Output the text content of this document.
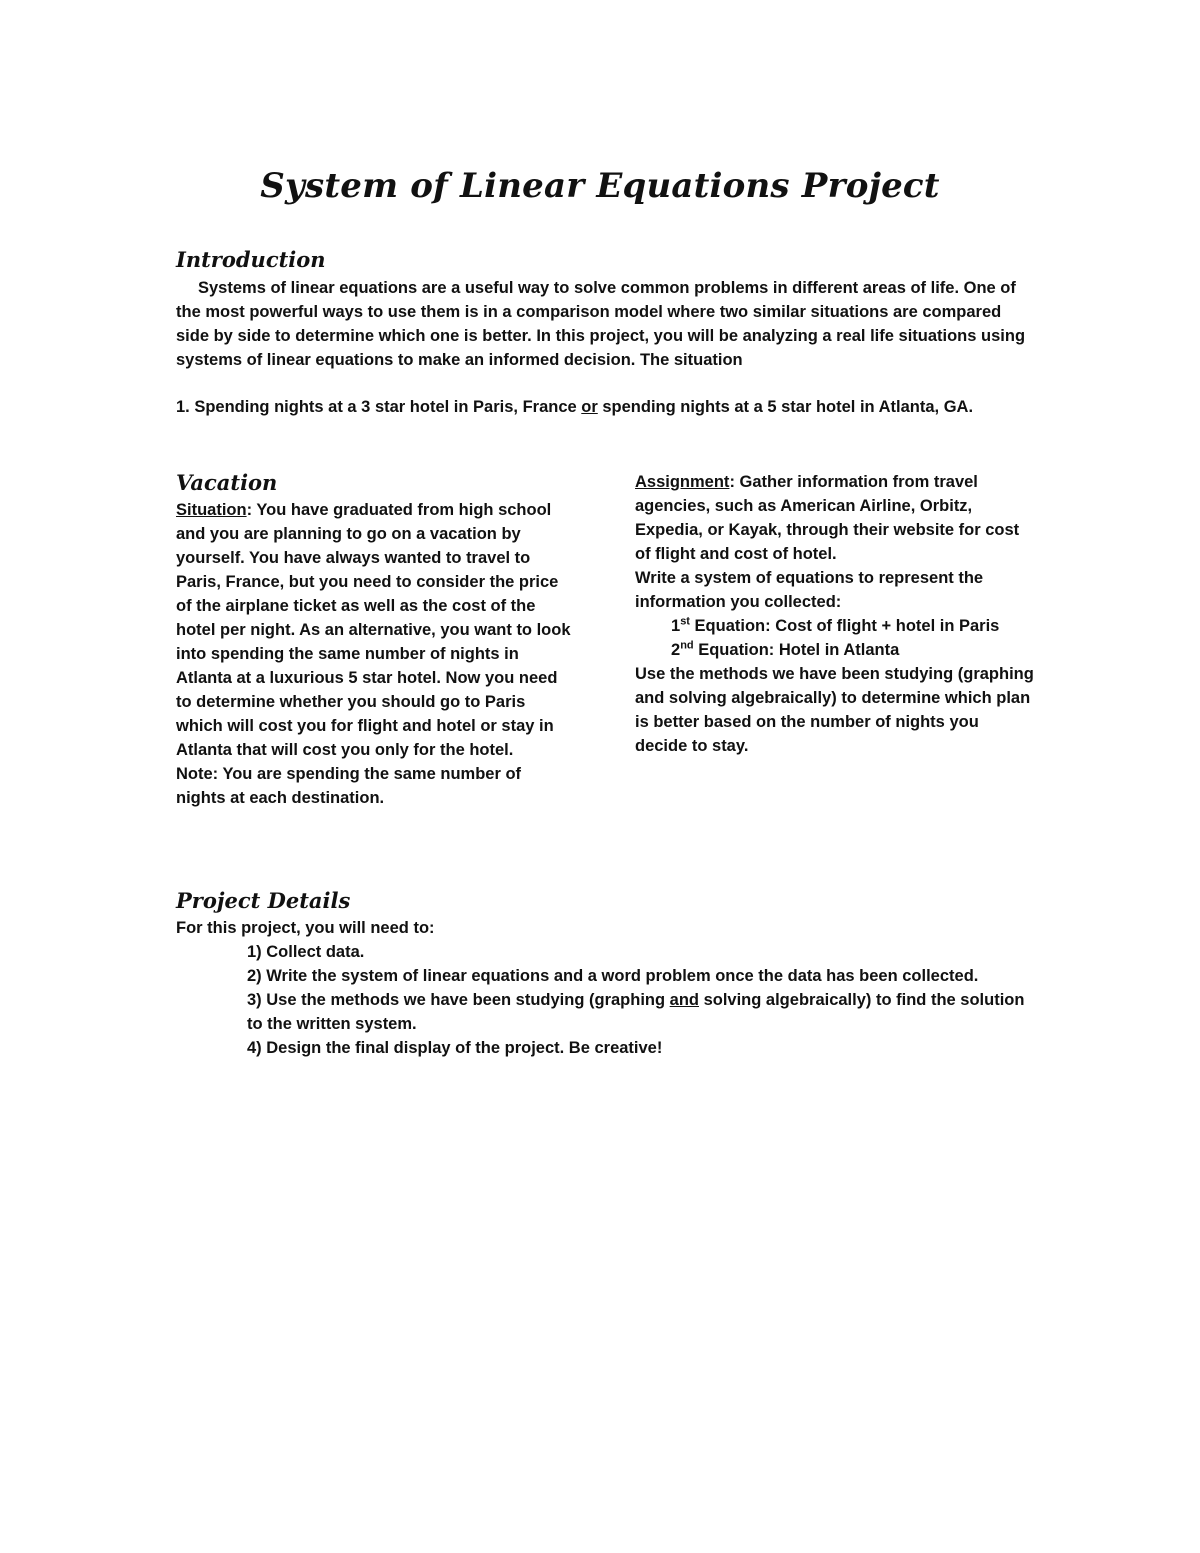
System of Linear Equations Project
Introduction

Systems of linear equations are a useful way to solve common problems in different areas of life. One of the most powerful ways to use them is in a comparison model where two similar situations are compared side by side to determine which one is better. In this project, you will be analyzing a real life situations using systems of linear equations to make an informed decision. The situation

1. Spending nights at a 3 star hotel in Paris, France or spending nights at a 5 star hotel in Atlanta, GA.

Vacation

Situation: You have graduated from high school and you are planning to go on a vacation by yourself. You have always wanted to travel to Paris, France, but you need to consider the price of the airplane ticket as well as the cost of the hotel per night. As an alternative, you want to look into spending the same number of nights in Atlanta at a luxurious 5 star hotel. Now you need to determine whether you should go to Paris which will cost you for flight and hotel or stay in Atlanta that will cost you only for the hotel.

Note: You are spending the same number of nights at each destination.

Assignment: Gather information from travel agencies, such as American Airline, Orbitz, Expedia, or Kayak, through their website for cost of flight and cost of hotel.

Write a system of equations to represent the information you collected:

1st Equation: Cost of flight + hotel in Paris

2nd Equation: Hotel in Atlanta

Use the methods we have been studying (graphing and solving algebraically) to determine which plan is better based on the number of nights you decide to stay.

Project Details

For this project, you will need to:

1) Collect data.

2) Write the system of linear equations and a word problem once the data has been collected.

3) Use the methods we have been studying (graphing and solving algebraically) to find the solution to the written system.

4) Design the final display of the project. Be creative!
